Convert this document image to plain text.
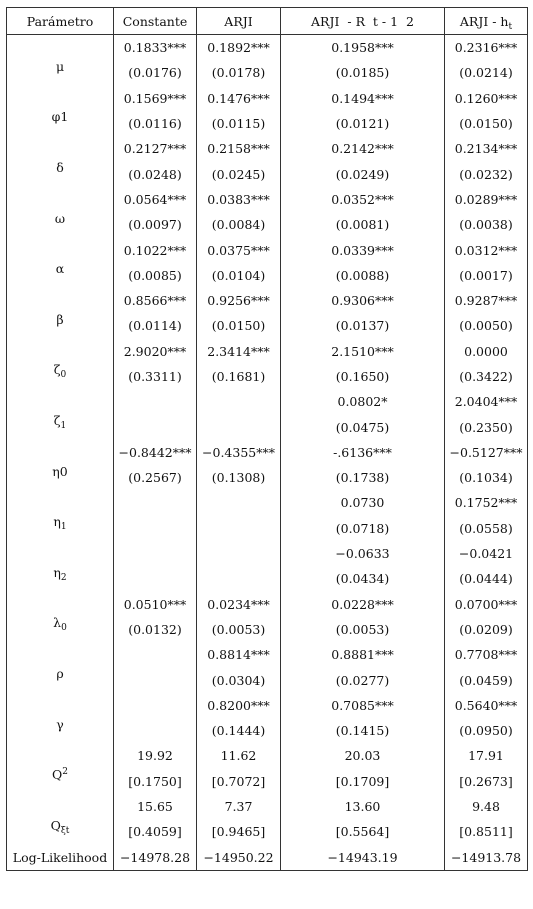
Parámetro	Constante	ARJI	ARJI  - R  t - 1  2	ARJI - $h_t$
μ	0.1833***	0.1892***	0.1958***	0.2316***
	(0.0176)	(0.0178)	(0.0185)	(0.0214)
φ1	0.1569***	0.1476***	0.1494***	0.1260***
	(0.0116)	(0.0115)	(0.0121)	(0.0150)
δ	0.2127***	0.2158***	0.2142***	0.2134***
	(0.0248)	(0.0245)	(0.0249)	(0.0232)
ω	0.0564***	0.0383***	0.0352***	0.0289***
	(0.0097)	(0.0084)	(0.0081)	(0.0038)
α	0.1022***	0.0375***	0.0339***	0.0312***
	(0.0085)	(0.0104)	(0.0088)	(0.0017)
β	0.8566***	0.9256***	0.9306***	0.9287***
	(0.0114)	(0.0150)	(0.0137)	(0.0050)
$\zeta_0$	2.9020***	2.3414***	2.1510***	0.0000
	(0.3311)	(0.1681)	(0.1650)	(0.3422)
$\zeta_1$			0.0802*	2.0404***
			(0.0475)	(0.2350)
η0	−0.8442***	−0.4355***	-.6136***	−0.5127***
	(0.2567)	(0.1308)	(0.1738)	(0.1034)
$\eta_1$			0.0730	0.1752***
			(0.0718)	(0.0558)
$\eta_2$			−0.0633	−0.0421
			(0.0434)	(0.0444)
$\lambda_0$	0.0510***	0.0234***	0.0228***	0.0700***
	(0.0132)	(0.0053)	(0.0053)	(0.0209)
ρ		0.8814***	0.8881***	0.7708***
		(0.0304)	(0.0277)	(0.0459)
γ		0.8200***	0.7085***	0.5640***
		(0.1444)	(0.1415)	(0.0950)
$Q^2$	19.92	11.62	20.03	17.91
	[0.1750]	[0.7072]	[0.1709]	[0.2673]
$Q_{\xi t}$	15.65	7.37	13.60	9.48
	[0.4059]	[0.9465]	[0.5564]	[0.8511]
Log-Likelihood	−14978.28	−14950.22	−14943.19	−14913.78
